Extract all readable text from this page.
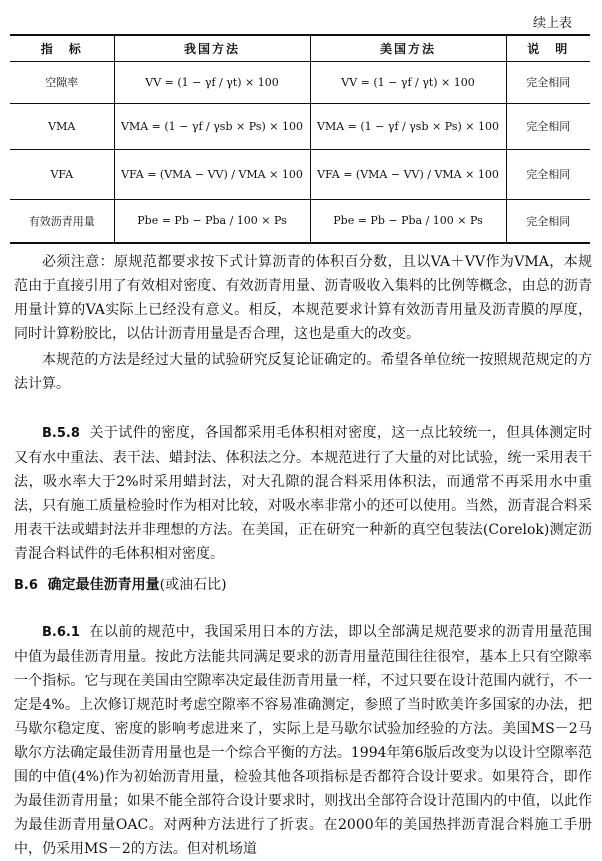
续上表
指　标	我国方法	美国方法	说　明
空隙率	VV = (1 − γf / γt) × 100	VV = (1 − γf / γt) × 100	完全相同
VMA	VMA = (1 − γf / γsb × Ps) × 100	VMA = (1 − γf / γsb × Ps) × 100	完全相同
VFA	VFA = (VMA − VV) / VMA × 100	VFA = (VMA − VV) / VMA × 100	完全相同
有效沥青用量	Pbe = Pb − Pba / 100 × Ps	Pbe = Pb − Pba / 100 × Ps	完全相同

必须注意：原规范都要求按下式计算沥青的体积百分数，且以VA＋VV作为VMA，本规范由于直接引用了有效相对密度、有效沥青用量、沥青吸收入集料的比例等概念，由总的沥青用量计算的VA实际上已经没有意义。相反，本规范要求计算有效沥青用量及沥青膜的厚度，同时计算粉胶比，以估计沥青用量是否合理，这也是重大的改变。

本规范的方法是经过大量的试验研究反复论证确定的。希望各单位统一按照规范规定的方法计算。

B.5.8 关于试件的密度，各国都采用毛体积相对密度，这一点比较统一，但具体测定时又有水中重法、表干法、蜡封法、体积法之分。本规范进行了大量的对比试验，统一采用表干法，吸水率大于2%时采用蜡封法，对大孔隙的混合料采用体积法，而通常不再采用水中重法，只有施工质量检验时作为相对比较，对吸水率非常小的还可以使用。当然，沥青混合料采用表干法或蜡封法并非理想的方法。在美国，正在研究一种新的真空包装法(Corelok)测定沥青混合料试件的毛体积相对密度。

B.6 确定最佳沥青用量(或油石比)

B.6.1 在以前的规范中，我国采用日本的方法，即以全部满足规范要求的沥青用量范围中值为最佳沥青用量。按此方法能共同满足要求的沥青用量范围往往很窄，基本上只有空隙率一个指标。它与现在美国由空隙率决定最佳沥青用量一样，不过只要在设计范围内就行，不一定是4%。上次修订规范时考虑空隙率不容易准确测定，参照了当时欧美许多国家的办法，把马歇尔稳定度、密度的影响考虑进来了，实际上是马歇尔试验加经验的方法。美国MS－2马歇尔方法确定最佳沥青用量也是一个综合平衡的方法。1994年第6版后改变为以设计空隙率范围的中值(4%)作为初始沥青用量，检验其他各项指标是否都符合设计要求。如果符合，即作为最佳沥青用量；如果不能全部符合设计要求时，则找出全部符合设计范围内的中值，以此作为最佳沥青用量OAC。对两种方法进行了折衷。在2000年的美国热拌沥青混合料施工手册中，仍采用MS－2的方法。但对机场道
